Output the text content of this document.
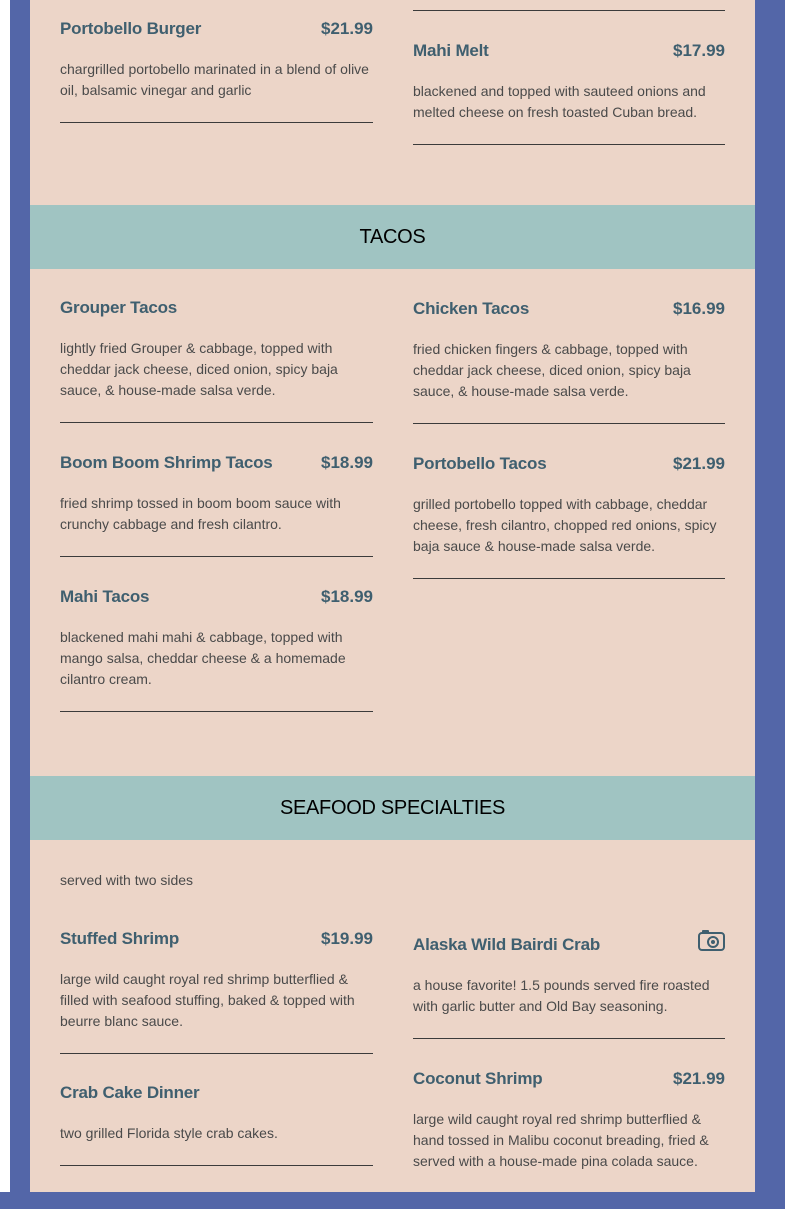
Portobello Burger	$21.99
chargrilled portobello marinated in a blend of olive oil, balsamic vinegar and garlic
Mahi Melt	$17.99
blackened and topped with sauteed onions and melted cheese on fresh toasted Cuban bread.
TACOS
Grouper Tacos
lightly fried Grouper & cabbage, topped with cheddar jack cheese, diced onion, spicy baja sauce, & house-made salsa verde.
Chicken Tacos	$16.99
fried chicken fingers & cabbage, topped with cheddar jack cheese, diced onion, spicy baja sauce, & house-made salsa verde.
Boom Boom Shrimp Tacos	$18.99
fried shrimp tossed in boom boom sauce with crunchy cabbage and fresh cilantro.
Portobello Tacos	$21.99
grilled portobello topped with cabbage, cheddar cheese, fresh cilantro, chopped red onions, spicy baja sauce & house-made salsa verde.
Mahi Tacos	$18.99
blackened mahi mahi & cabbage, topped with mango salsa, cheddar cheese & a homemade cilantro cream.
SEAFOOD SPECIALTIES
served with two sides
Stuffed Shrimp	$19.99
large wild caught royal red shrimp butterflied & filled with seafood stuffing, baked & topped with beurre blanc sauce.
Alaska Wild Bairdi Crab
a house favorite! 1.5 pounds served fire roasted with garlic butter and Old Bay seasoning.
Crab Cake Dinner
two grilled Florida style crab cakes.
Coconut Shrimp	$21.99
large wild caught royal red shrimp butterflied & hand tossed in Malibu coconut breading, fried & served with a house-made pina colada sauce.
